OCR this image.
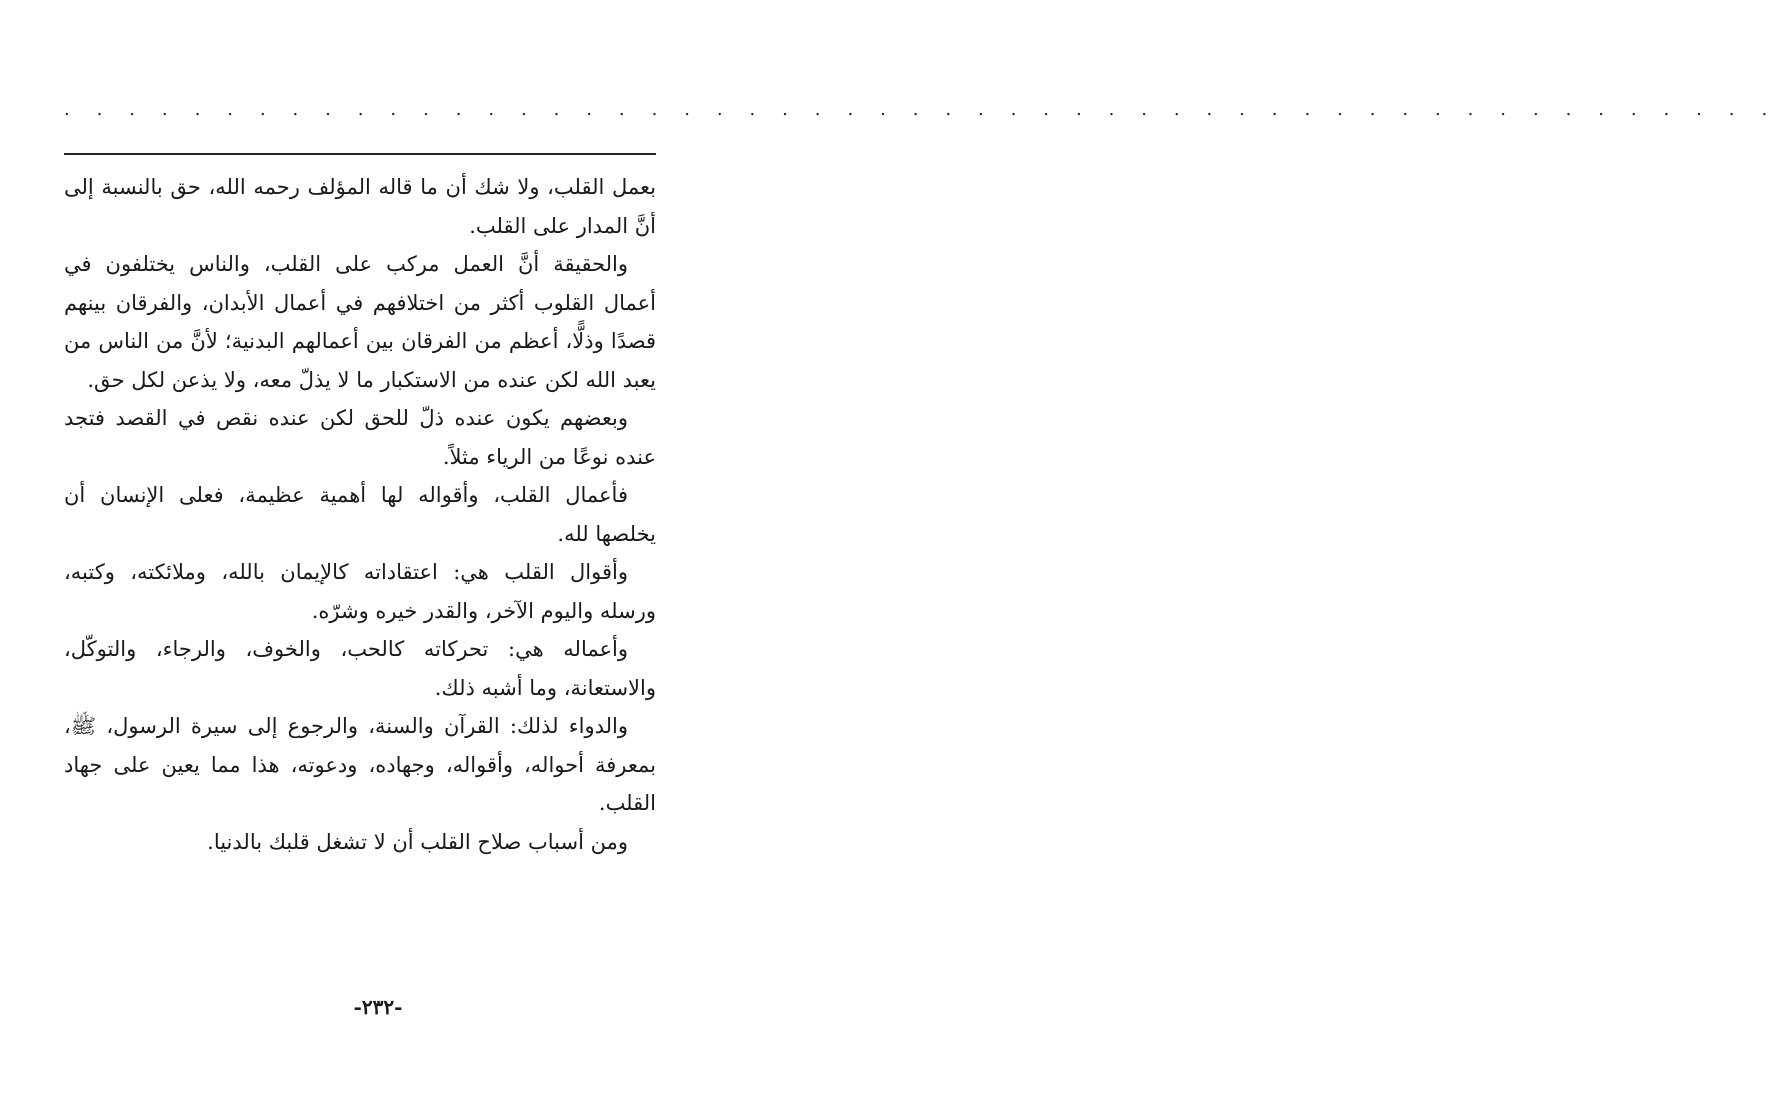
. . . . . . . . . . . . . . . . . . . . . . . . . . . . . . . . . . . . . . . . . . . . . . . . . . . . .

بعمل القلب، ولا شك أن ما قاله المؤلف رحمه الله، حق بالنسبة إلى أنَّ المدار على القلب.

والحقيقة أنَّ العمل مركب على القلب، والناس يختلفون في أعمال القلوب أكثر من اختلافهم في أعمال الأبدان، والفرقان بينهم قصدًا وذلًّا، أعظم من الفرقان بين أعمالهم البدنية؛ لأنَّ من الناس من يعبد الله لكن عنده من الاستكبار ما لا يذلّ معه، ولا يذعن لكل حق.

وبعضهم يكون عنده ذلّ للحق لكن عنده نقص في القصد فتجد عنده نوعًا من الرياء مثلاً.

فأعمال القلب، وأقواله لها أهمية عظيمة، فعلى الإنسان أن يخلصها لله.

وأقوال القلب هي: اعتقاداته كالإيمان بالله، وملائكته، وكتبه، ورسله واليوم الآخر، والقدر خيره وشرّه.

وأعماله هي: تحركاته كالحب، والخوف، والرجاء، والتوكّل، والاستعانة، وما أشبه ذلك.

والدواء لذلك: القرآن والسنة، والرجوع إلى سيرة الرسول، ﷺ، بمعرفة أحواله، وأقواله، وجهاده، ودعوته، هذا مما يعين على جهاد القلب.

ومن أسباب صلاح القلب أن لا تشغل قلبك بالدنيا.

-٢٣٢-
